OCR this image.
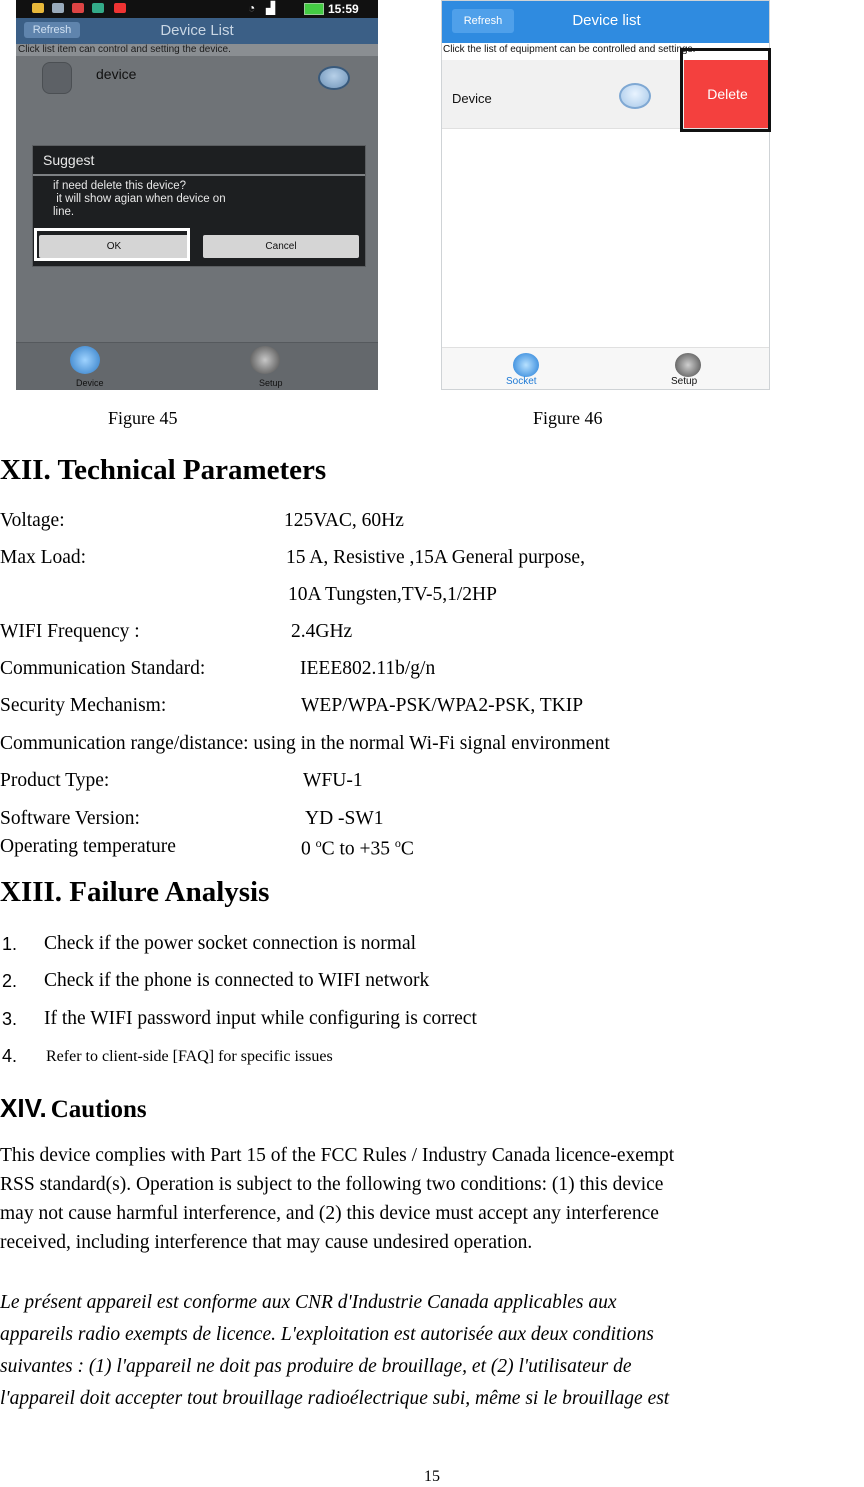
◔ ▟	15:59
Refresh	Device List
Click list item can control and setting the device.
device
Suggest
if need delete this device?
it will show agian when device on
line.
OK	Cancel
Device	Setup
Refresh	Device list
Click the list of equipment can be controlled and settings.
Device	Delete
Socket	Setup
Figure 45	Figure 46
XII. Technical Parameters
Voltage:	125VAC, 60Hz
Max Load:	15 A, Resistive ,15A General purpose,
10A Tungsten,TV-5,1/2HP
WIFI Frequency :	2.4GHz
Communication Standard:	IEEE802.11b/g/n
Security Mechanism:	WEP/WPA-PSK/WPA2-PSK, TKIP
Communication range/distance: using in the normal Wi-Fi signal environment
Product Type:	WFU-1
Software Version:	YD -SW1
Operating temperature	0 $^o$C to +35 $^o$C
XIII. Failure Analysis
1. Check if the power socket connection is normal
2. Check if the phone is connected to WIFI network
3. If the WIFI password input while configuring is correct
4. Refer to client-side [FAQ] for specific issues
XIV. Cautions
This device complies with Part 15 of the FCC Rules / Industry Canada licence-exempt
RSS standard(s). Operation is subject to the following two conditions: (1) this device
may not cause harmful interference, and (2) this device must accept any interference
received, including interference that may cause undesired operation.
Le présent appareil est conforme aux CNR d'Industrie Canada applicables aux
appareils radio exempts de licence. L'exploitation est autorisée aux deux conditions
suivantes : (1) l'appareil ne doit pas produire de brouillage, et (2) l'utilisateur de
l'appareil doit accepter tout brouillage radioélectrique subi, même si le brouillage est
15
